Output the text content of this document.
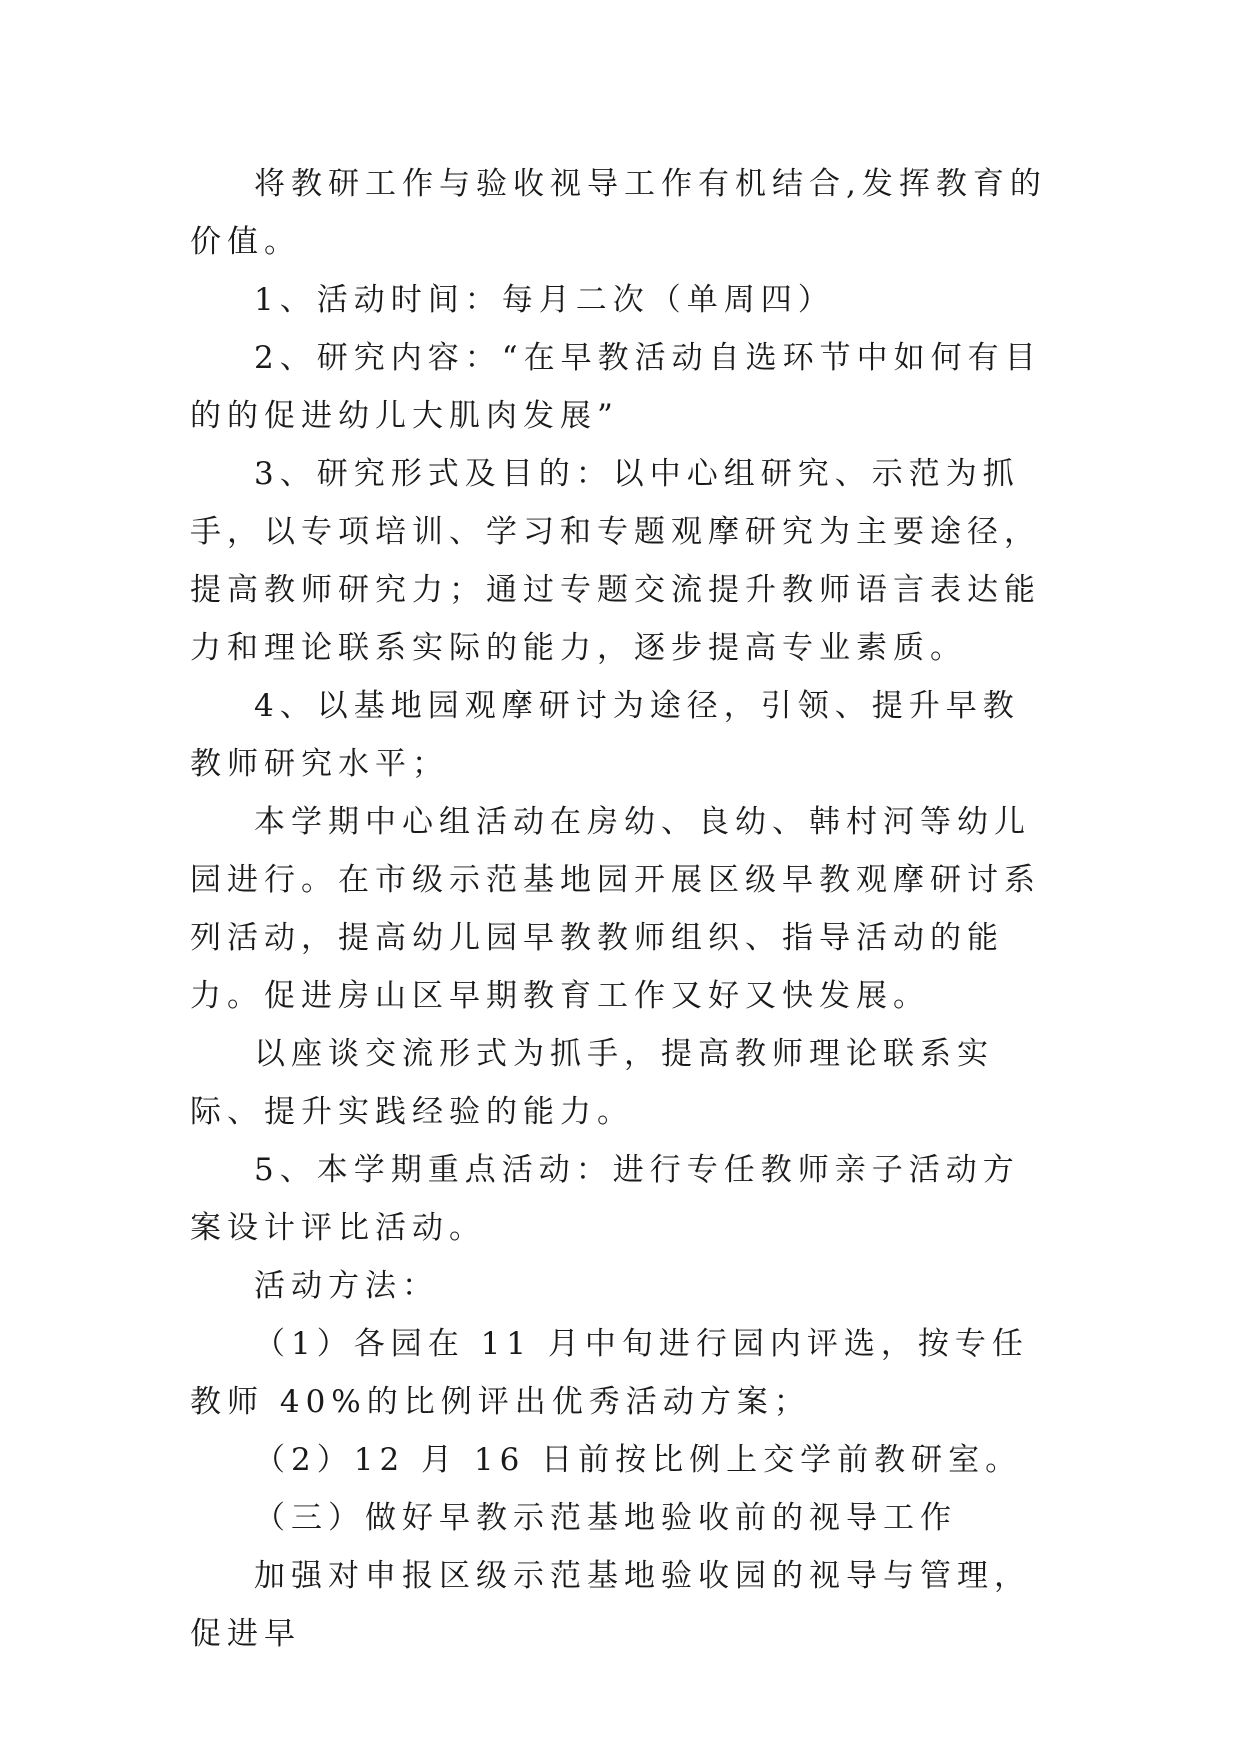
将教研工作与验收视导工作有机结合,发挥教育的价值。

1、活动时间：每月二次（单周四）

2、研究内容：“在早教活动自选环节中如何有目的的促进幼儿大肌肉发展”

3、研究形式及目的：以中心组研究、示范为抓手，以专项培训、学习和专题观摩研究为主要途径，提高教师研究力；通过专题交流提升教师语言表达能力和理论联系实际的能力，逐步提高专业素质。

4、以基地园观摩研讨为途径，引领、提升早教教师研究水平；

本学期中心组活动在房幼、良幼、韩村河等幼儿园进行。在市级示范基地园开展区级早教观摩研讨系列活动，提高幼儿园早教教师组织、指导活动的能力。促进房山区早期教育工作又好又快发展。

以座谈交流形式为抓手，提高教师理论联系实际、提升实践经验的能力。

5、本学期重点活动：进行专任教师亲子活动方案设计评比活动。

活动方法：

（1）各园在 11 月中旬进行园内评选，按专任教师 40%的比例评出优秀活动方案；

（2）12 月 16 日前按比例上交学前教研室。

（三）做好早教示范基地验收前的视导工作

加强对申报区级示范基地验收园的视导与管理，促进早
